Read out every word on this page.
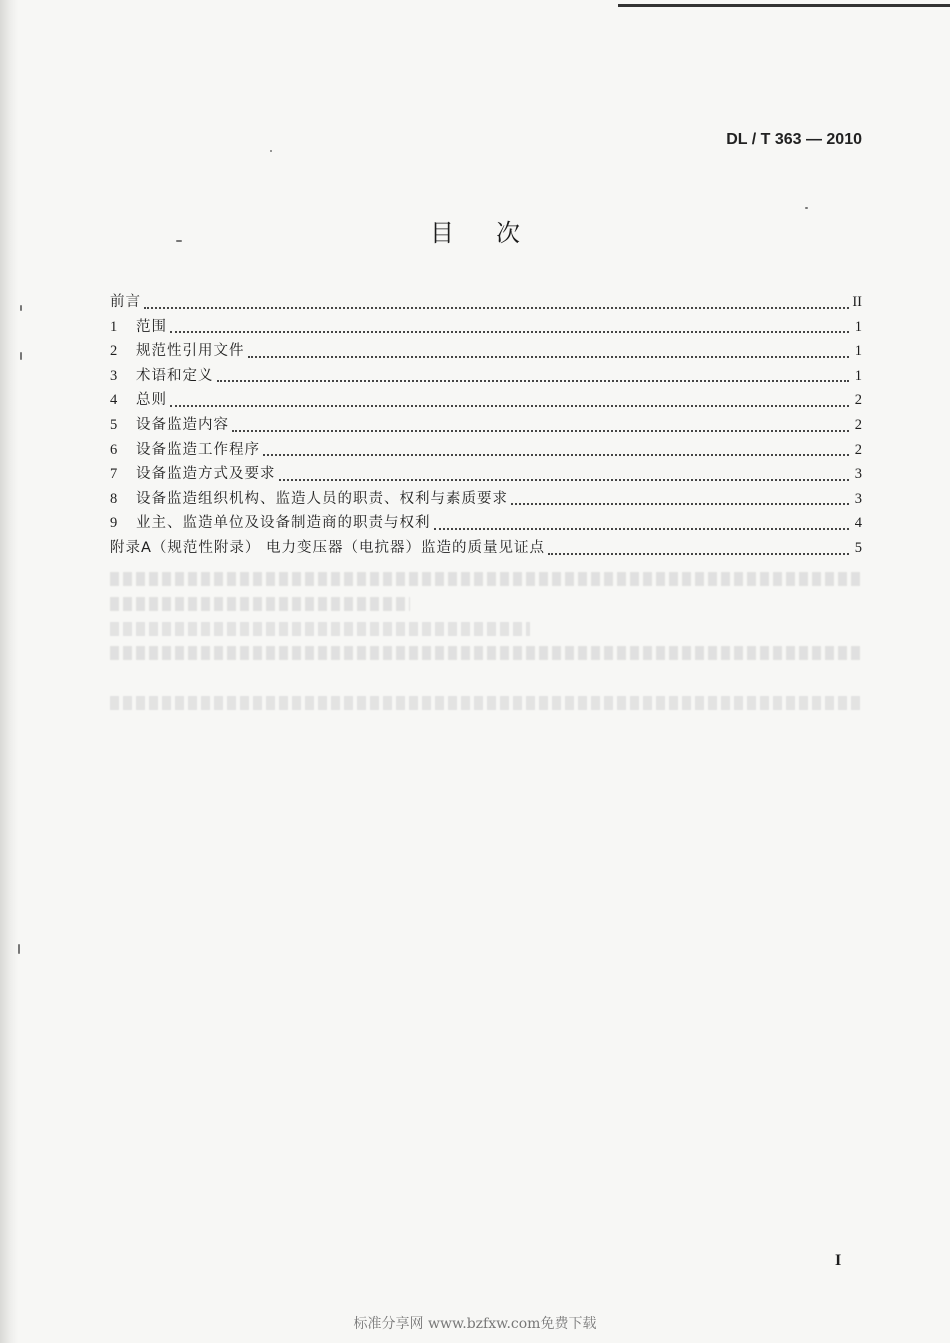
DL / T 363 — 2010
目次
前言	II
1	范围	1
2	规范性引用文件	1
3	术语和定义	1
4	总则	2
5	设备监造内容	2
6	设备监造工作程序	2
7	设备监造方式及要求	3
8	设备监造组织机构、监造人员的职责、权利与素质要求	3
9	业主、监造单位及设备制造商的职责与权利	4
附录A（规范性附录） 电力变压器（电抗器）监造的质量见证点	5
I
标准分享网 www.bzfxw.com免费下载
